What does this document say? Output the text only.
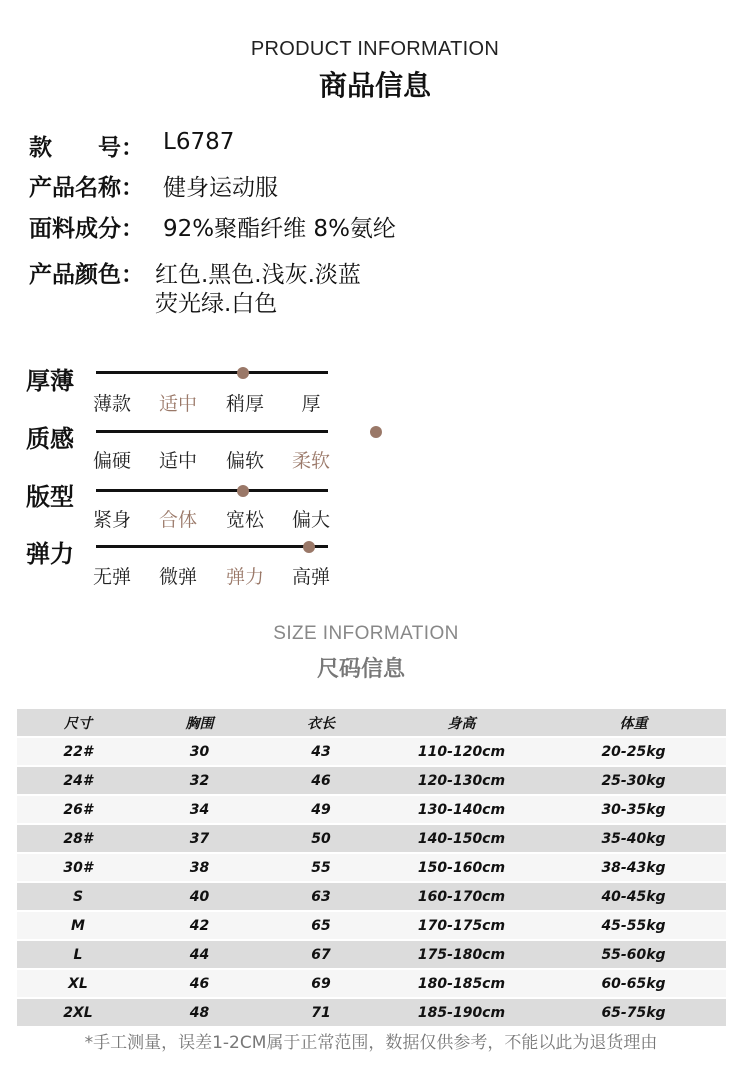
PRODUCT INFORMATION
商品信息
款　　号： L6787
产品名称： 健身运动服
面料成分： 92%聚酯纤维 8%氨纶
产品颜色： 红色.黑色.浅灰.淡蓝
荧光绿.白色
厚薄
薄款	适中	稍厚	厚
质感
偏硬	适中	偏软	柔软
版型
紧身	合体	宽松	偏大
弹力
无弹	微弹	弹力	高弹
SIZE INFORMATION
尺码信息
尺寸	胸围	衣长	身高	体重
22#	30	43	110-120cm	20-25kg
24#	32	46	120-130cm	25-30kg
26#	34	49	130-140cm	30-35kg
28#	37	50	140-150cm	35-40kg
30#	38	55	150-160cm	38-43kg
S	40	63	160-170cm	40-45kg
M	42	65	170-175cm	45-55kg
L	44	67	175-180cm	55-60kg
XL	46	69	180-185cm	60-65kg
2XL	48	71	185-190cm	65-75kg
*手工测量，误差1-2CM属于正常范围，数据仅供参考，不能以此为退货理由
